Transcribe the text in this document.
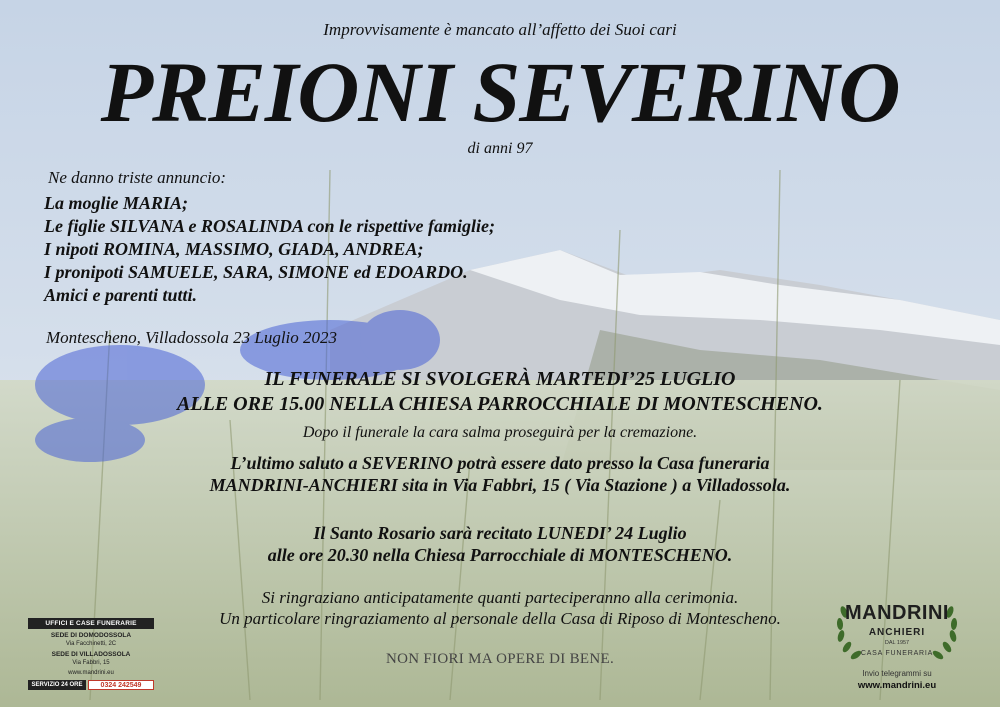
Improvvisamente è mancato all’affetto dei Suoi cari
PREIONI SEVERINO
di anni 97
Ne danno triste annuncio:
La moglie MARIA;
Le figlie SILVANA e ROSALINDA con le rispettive famiglie;
I nipoti ROMINA, MASSIMO, GIADA, ANDREA;
I pronipoti SAMUELE, SARA, SIMONE ed EDOARDO.
Amici e parenti tutti.
Montescheno, Villadossola 23 Luglio 2023
IL FUNERALE SI SVOLGERÀ MARTEDI’25 LUGLIO
ALLE ORE 15.00 NELLA CHIESA PARROCCHIALE DI MONTESCHENO.
Dopo il funerale la cara salma proseguirà per la cremazione.
L’ultimo saluto a SEVERINO potrà essere dato presso la Casa funeraria
MANDRINI-ANCHIERI sita in Via Fabbri, 15 ( Via Stazione ) a Villadossola.
Il Santo Rosario sarà recitato LUNEDI’ 24 Luglio
alle ore 20.30 nella Chiesa Parrocchiale di MONTESCHENO.
Si ringraziano anticipatamente quanti parteciperanno alla cerimonia.
Un particolare ringraziamento al personale della Casa di Riposo di Montescheno.
NON FIORI MA OPERE DI BENE.
UFFICI E CASE FUNERARIE
SEDE DI DOMODOSSOLA
Via Facchinetti, 2C
SEDE DI VILLADOSSOLA
Via Fabbri, 15
www.mandrini.eu
SERVIZIO 24 ORE	0324 242549
MANDRINI
ANCHIERI
DAL 1957
CASA FUNERARIA
Invio telegrammi su
www.mandrini.eu
